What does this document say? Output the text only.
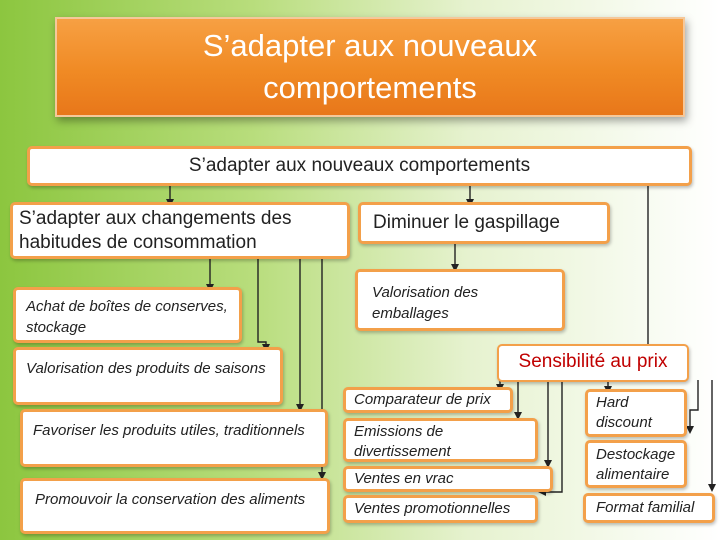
S’adapter aux nouveaux comportements
S’adapter aux nouveaux comportements
S’adapter aux changements des habitudes de consommation
Achat de boîtes de conserves, stockage
Valorisation des produits de saisons
Favoriser les produits utiles, traditionnels
Promouvoir la conservation des aliments
Diminuer le gaspillage
Valorisation des emballages
Sensibilité au prix
Comparateur de prix
Emissions de divertissement
Ventes en vrac
Ventes promotionnelles
Hard discount
Destockage alimentaire
Format familial
